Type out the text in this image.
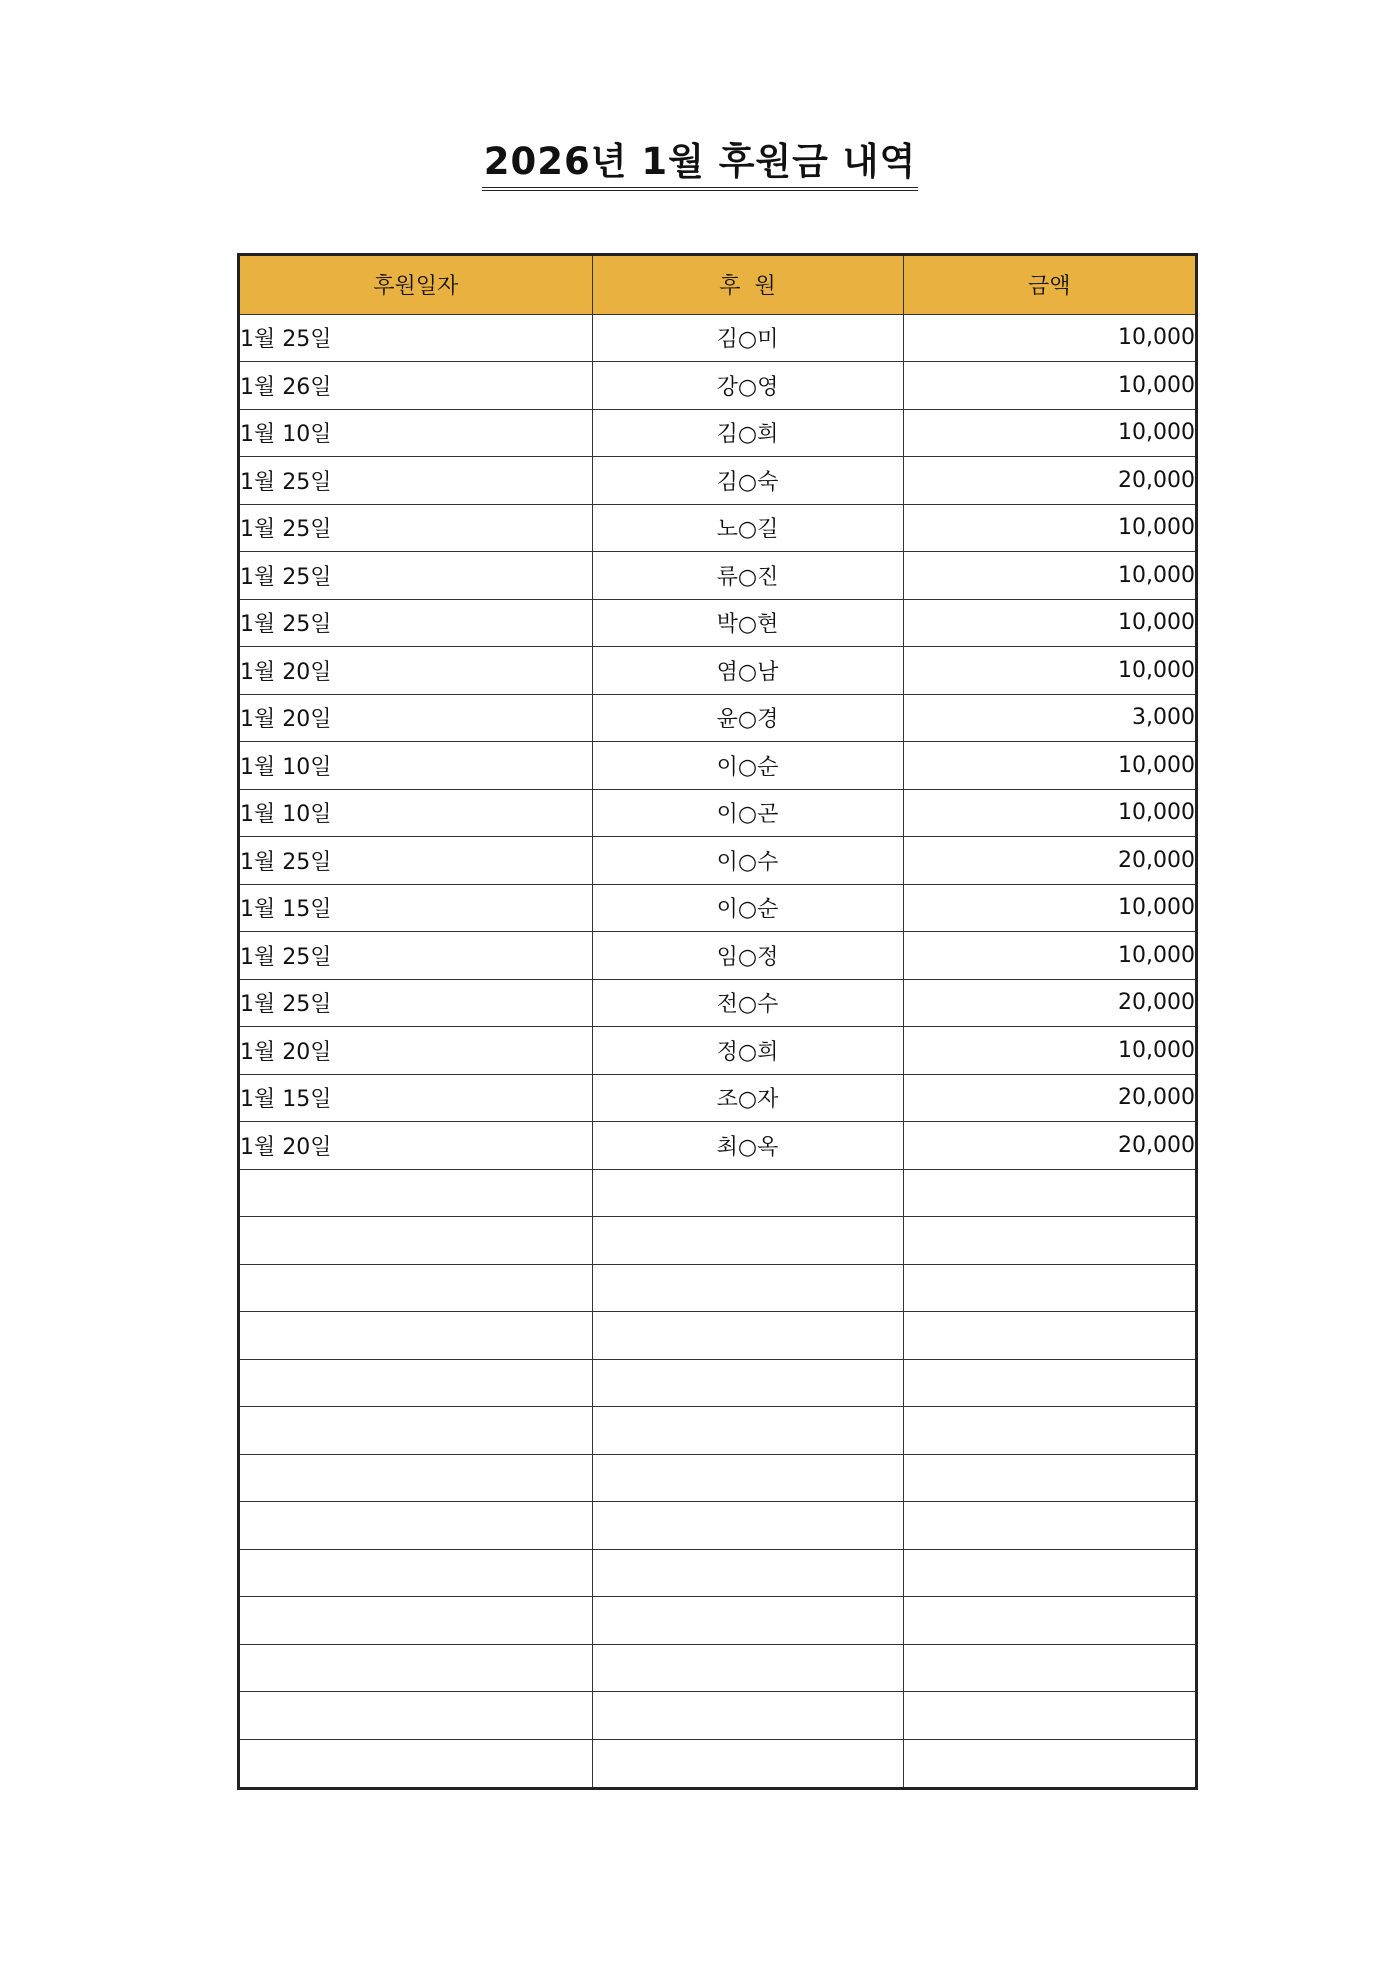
2026년 1월 후원금 내역
후원일자	후  원	금액
1월 25일	김○미	10,000
1월 26일	강○영	10,000
1월 10일	김○희	10,000
1월 25일	김○숙	20,000
1월 25일	노○길	10,000
1월 25일	류○진	10,000
1월 25일	박○현	10,000
1월 20일	염○남	10,000
1월 20일	윤○경	3,000
1월 10일	이○순	10,000
1월 10일	이○곤	10,000
1월 25일	이○수	20,000
1월 15일	이○순	10,000
1월 25일	임○정	10,000
1월 25일	전○수	20,000
1월 20일	정○희	10,000
1월 15일	조○자	20,000
1월 20일	최○옥	20,000
